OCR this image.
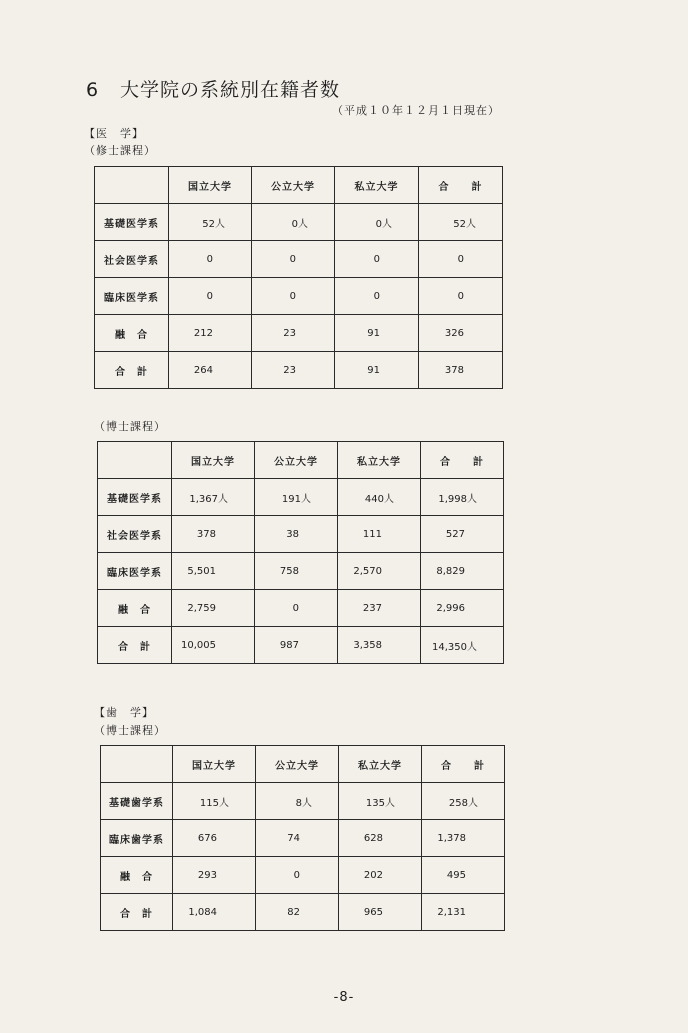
6 大学院の系統別在籍者数
（平成１０年１２月１日現在）
【医　学】
（修士課程）
	国立大学	公立大学	私立大学	合　　計
基礎医学系	52人	0人	0人	52人
社会医学系	0	0	0	0
臨床医学系	0	0	0	0
融　合	212	23	91	326
合　計	264	23	91	378
（博士課程）
	国立大学	公立大学	私立大学	合　　計
基礎医学系	1,367人	191人	440人	1,998人
社会医学系	378	38	111	527
臨床医学系	5,501	758	2,570	8,829
融　合	2,759	0	237	2,996
合　計	10,005	987	3,358	14,350人
【歯　学】
（博士課程）
	国立大学	公立大学	私立大学	合　　計
基礎歯学系	115人	8人	135人	258人
臨床歯学系	676	74	628	1,378
融　合	293	0	202	495
合　計	1,084	82	965	2,131
-8-
